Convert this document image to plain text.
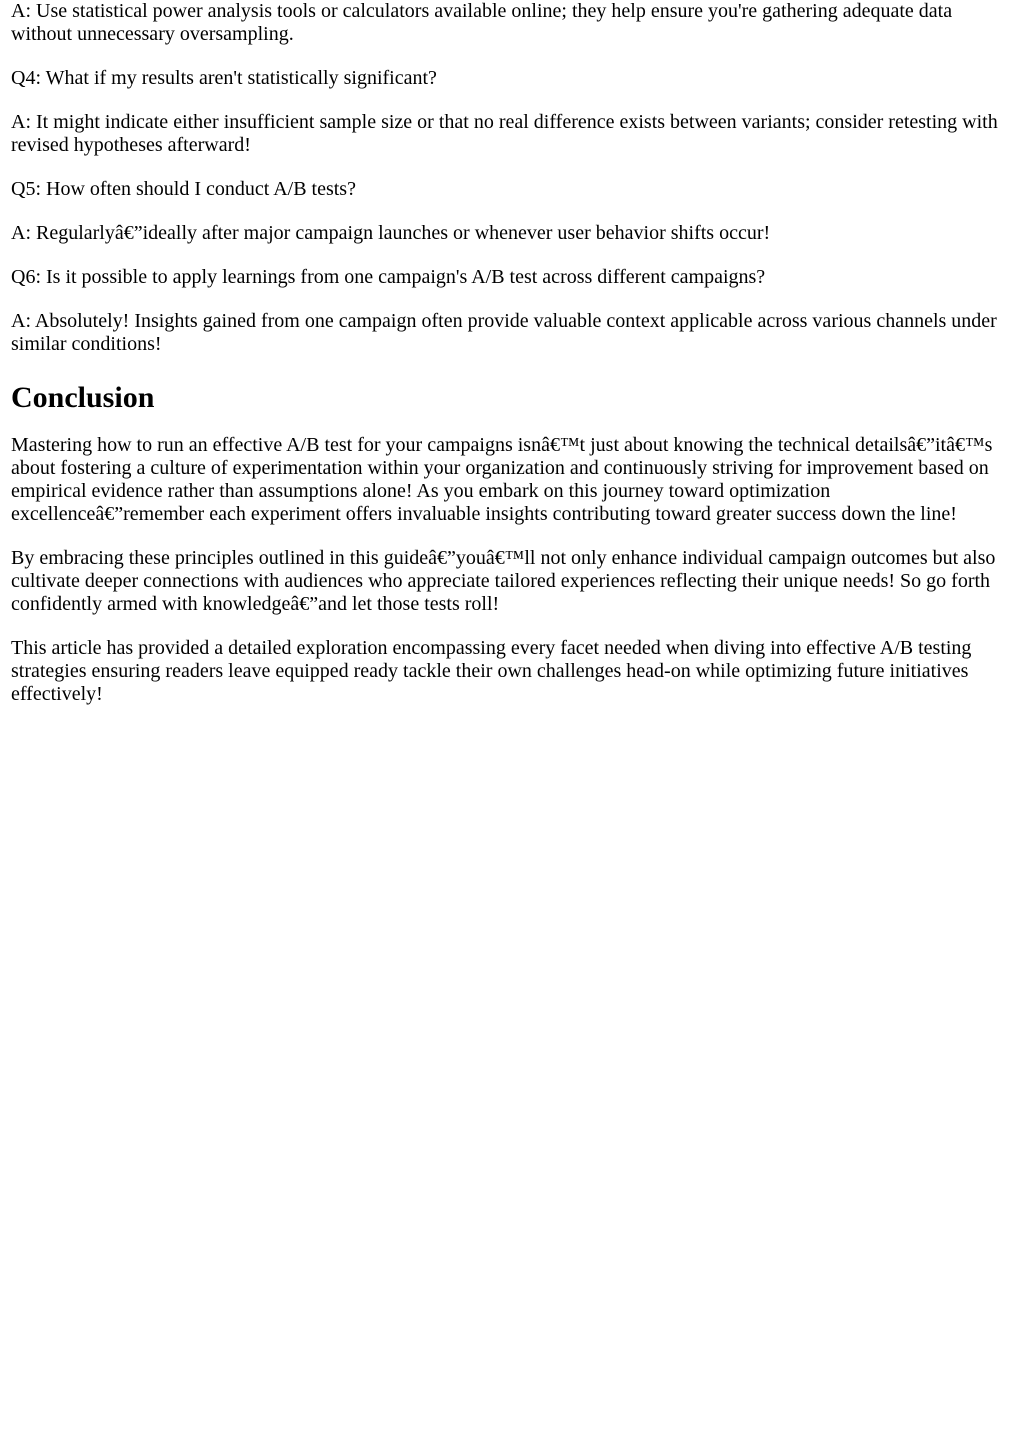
A: Use statistical power analysis tools or calculators available online; they help ensure you're gathering adequate data without unnecessary oversampling.

Q4: What if my results aren't statistically significant?

A: It might indicate either insufficient sample size or that no real difference exists between variants; consider retesting with revised hypotheses afterward!

Q5: How often should I conduct A/B tests?

A: Regularlyâ€”ideally after major campaign launches or whenever user behavior shifts occur!

Q6: Is it possible to apply learnings from one campaign's A/B test across different campaigns?

A: Absolutely! Insights gained from one campaign often provide valuable context applicable across various channels under similar conditions!

Conclusion

Mastering how to run an effective A/B test for your campaigns isnâ€™t just about knowing the technical detailsâ€”itâ€™s about fostering a culture of experimentation within your organization and continuously striving for improvement based on empirical evidence rather than assumptions alone! As you embark on this journey toward optimization excellenceâ€”remember each experiment offers invaluable insights contributing toward greater success down the line!

By embracing these principles outlined in this guideâ€”youâ€™ll not only enhance individual campaign outcomes but also cultivate deeper connections with audiences who appreciate tailored experiences reflecting their unique needs! So go forth confidently armed with knowledgeâ€”and let those tests roll!

This article has provided a detailed exploration encompassing every facet needed when diving into effective A/B testing strategies ensuring readers leave equipped ready tackle their own challenges head-on while optimizing future initiatives effectively!
